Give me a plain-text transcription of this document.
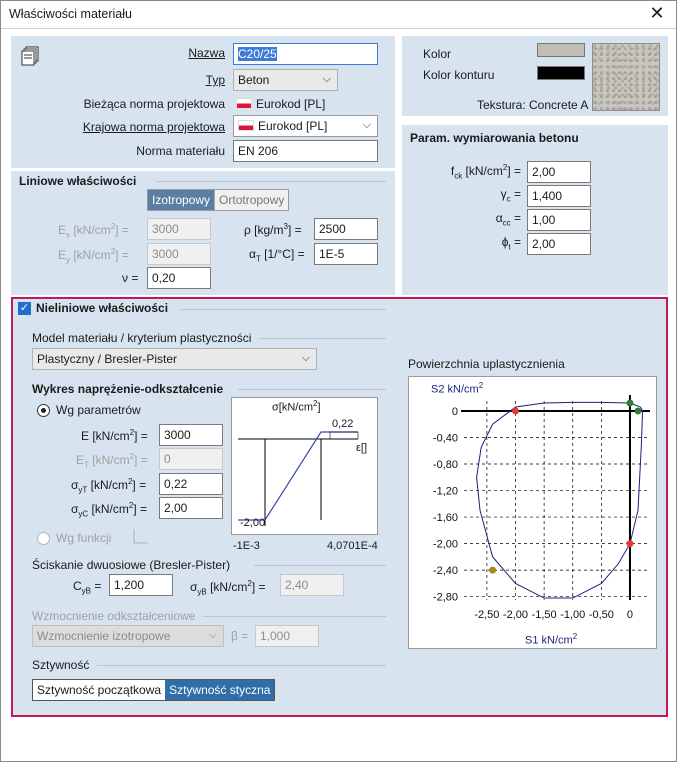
Właściwości materiału	✕
Nazwa	C20/25
Typ	Beton	⌵
Bieżąca norma projektowa	Eurokod [PL]
Krajowa norma projektowa	Eurokod [PL]	⌵
Norma materiału	EN 206
Kolor
Kolor konturu
Tekstura: Concrete A
Param. wymiarowania betonu
$f_{ck}$ $[kN/cm^2] = 2,00$
$\gamma_c = 1,400$
$\alpha_{cc} = 1,00$
$\phi_t = 2,00$
Liniowe właściwości
Izotropowy Ortotropowy
$E_x$ $[kN/cm^2]$ =	3000
$E_y$ $[kN/cm^2]$ =	3000
ν =	0,20
ρ $[kg/m^3]$ =	2500
$\alpha_T$ [1/°C] =	1E-5
✓ Nieliniowe właściwości
Model materiału / kryterium plastyczności
Plastyczny / Bresler-Pister	⌵
Wykres naprężenie-odkształcenie
Wg parametrów
E $[kN/cm^2]$ =	3000
$E_T$ $[kN/cm^2]$ =	0
$\sigma_{yT}$ $[kN/cm^2]$ =	0,22
$\sigma_{yC}$ $[kN/cm^2]$ =	2,00
Wg funkcji
$\sigma[kN/cm^2]$
0,22
ε[]
-2,00
-1E-3	4,0701E-4
Ściskanie dwuosiowe (Bresler-Pister)
$C_{yB}$ =	1,200	$\sigma_{yB}$ $[kN/cm^2]$ =	2,40
Wzmocnienie odkształceniowe
Wzmocnienie izotropowe	⌵ β = 1,000
Sztywność
Sztywność początkowa Sztywność styczna
Powierzchnia uplastycznienia
-2,50 -2,00 -1,50 -1,00 -0,50 0
0
-0,40
-0,80
-1,20
-1,60
-2,00
-2,40
-2,80
S2 $kN/cm^2$
S1 $kN/cm^2$
